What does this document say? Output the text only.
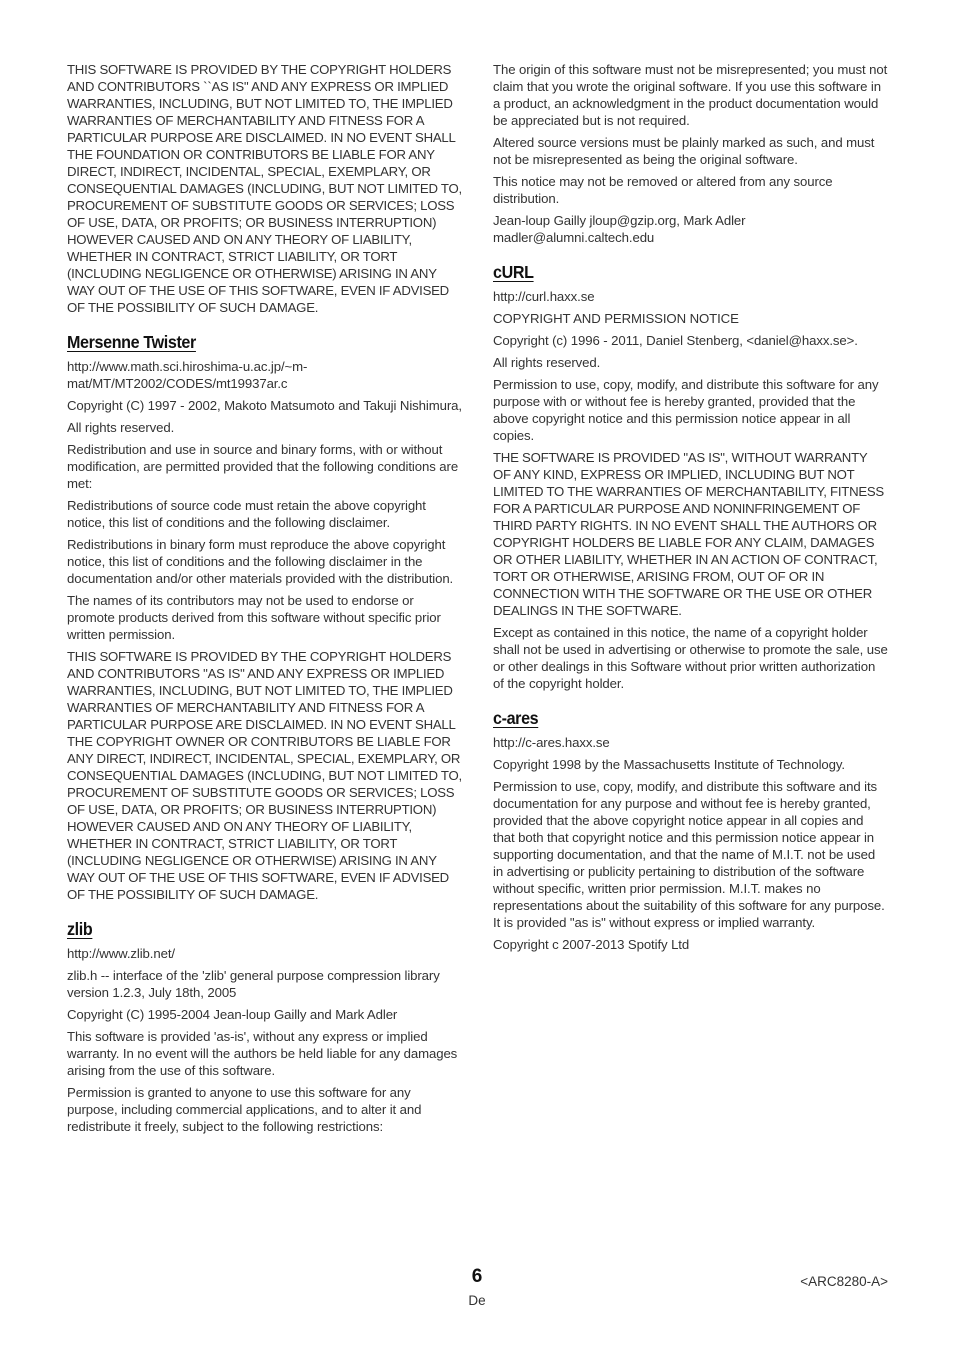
THIS SOFTWARE IS PROVIDED BY THE COPYRIGHT HOLDERS AND CONTRIBUTORS ``AS IS'' AND ANY EXPRESS OR IMPLIED WARRANTIES, INCLUDING, BUT NOT LIMITED TO, THE IMPLIED WARRANTIES OF MERCHANTABILITY AND FITNESS FOR A PARTICULAR PURPOSE ARE DISCLAIMED. IN NO EVENT SHALL THE FOUNDATION OR CONTRIBUTORS BE LIABLE FOR ANY DIRECT, INDIRECT, INCIDENTAL, SPECIAL, EXEMPLARY, OR CONSEQUENTIAL DAMAGES (INCLUDING, BUT NOT LIMITED TO, PROCUREMENT OF SUBSTITUTE GOODS OR SERVICES; LOSS OF USE, DATA, OR PROFITS; OR BUSINESS INTERRUPTION) HOWEVER CAUSED AND ON ANY THEORY OF LIABILITY, WHETHER IN CONTRACT, STRICT LIABILITY, OR TORT (INCLUDING NEGLIGENCE OR OTHERWISE) ARISING IN ANY WAY OUT OF THE USE OF THIS SOFTWARE, EVEN IF ADVISED OF THE POSSIBILITY OF SUCH DAMAGE.

Mersenne Twister

http://www.math.sci.hiroshima-u.ac.jp/~m-mat/MT/MT2002/CODES/mt19937ar.c

Copyright (C) 1997 - 2002, Makoto Matsumoto and Takuji Nishimura,

All rights reserved.

Redistribution and use in source and binary forms, with or without modification, are permitted provided that the following conditions are met:

Redistributions of source code must retain the above copyright notice, this list of conditions and the following disclaimer.

Redistributions in binary form must reproduce the above copyright notice, this list of conditions and the following disclaimer in the documentation and/or other materials provided with the distribution.

The names of its contributors may not be used to endorse or promote products derived from this software without specific prior written permission.

THIS SOFTWARE IS PROVIDED BY THE COPYRIGHT HOLDERS AND CONTRIBUTORS "AS IS" AND ANY EXPRESS OR IMPLIED WARRANTIES, INCLUDING, BUT NOT LIMITED TO, THE IMPLIED WARRANTIES OF MERCHANTABILITY AND FITNESS FOR A PARTICULAR PURPOSE ARE DISCLAIMED. IN NO EVENT SHALL THE COPYRIGHT OWNER OR CONTRIBUTORS BE LIABLE FOR ANY DIRECT, INDIRECT, INCIDENTAL, SPECIAL, EXEMPLARY, OR CONSEQUENTIAL DAMAGES (INCLUDING, BUT NOT LIMITED TO, PROCUREMENT OF SUBSTITUTE GOODS OR SERVICES; LOSS OF USE, DATA, OR PROFITS; OR BUSINESS INTERRUPTION) HOWEVER CAUSED AND ON ANY THEORY OF LIABILITY, WHETHER IN CONTRACT, STRICT LIABILITY, OR TORT (INCLUDING NEGLIGENCE OR OTHERWISE) ARISING IN ANY WAY OUT OF THE USE OF THIS SOFTWARE, EVEN IF ADVISED OF THE POSSIBILITY OF SUCH DAMAGE.

zlib

http://www.zlib.net/

zlib.h -- interface of the 'zlib' general purpose compression library version 1.2.3, July 18th, 2005

Copyright (C) 1995-2004 Jean-loup Gailly and Mark Adler

This software is provided 'as-is', without any express or implied warranty. In no event will the authors be held liable for any damages arising from the use of this software.

Permission is granted to anyone to use this software for any purpose, including commercial applications, and to alter it and redistribute it freely, subject to the following restrictions:

The origin of this software must not be misrepresented; you must not claim that you wrote the original software. If you use this software in a product, an acknowledgment in the product documentation would be appreciated but is not required.

Altered source versions must be plainly marked as such, and must not be misrepresented as being the original software.

This notice may not be removed or altered from any source distribution.

Jean-loup Gailly jloup@gzip.org, Mark Adler madler@alumni.caltech.edu

cURL

http://curl.haxx.se

COPYRIGHT AND PERMISSION NOTICE

Copyright (c) 1996 - 2011, Daniel Stenberg, <daniel@haxx.se>.

All rights reserved.

Permission to use, copy, modify, and distribute this software for any purpose with or without fee is hereby granted, provided that the above copyright notice and this permission notice appear in all copies.

THE SOFTWARE IS PROVIDED "AS IS", WITHOUT WARRANTY OF ANY KIND, EXPRESS OR IMPLIED, INCLUDING BUT NOT LIMITED TO THE WARRANTIES OF MERCHANTABILITY, FITNESS FOR A PARTICULAR PURPOSE AND NONINFRINGEMENT OF THIRD PARTY RIGHTS. IN NO EVENT SHALL THE AUTHORS OR COPYRIGHT HOLDERS BE LIABLE FOR ANY CLAIM, DAMAGES OR OTHER LIABILITY, WHETHER IN AN ACTION OF CONTRACT, TORT OR OTHERWISE, ARISING FROM, OUT OF OR IN CONNECTION WITH THE SOFTWARE OR THE USE OR OTHER DEALINGS IN THE SOFTWARE.

Except as contained in this notice, the name of a copyright holder shall not be used in advertising or otherwise to promote the sale, use or other dealings in this Software without prior written authorization of the copyright holder.

c-ares

http://c-ares.haxx.se

Copyright 1998 by the Massachusetts Institute of Technology.

Permission to use, copy, modify, and distribute this software and its documentation for any purpose and without fee is hereby granted, provided that the above copyright notice appear in all copies and that both that copyright notice and this permission notice appear in supporting documentation, and that the name of M.I.T. not be used in advertising or publicity pertaining to distribution of the software without specific, written prior permission. M.I.T. makes no representations about the suitability of this software for any purpose. It is provided "as is" without express or implied warranty.

Copyright c 2007-2013 Spotify Ltd

6
De
<ARC8280-A>
